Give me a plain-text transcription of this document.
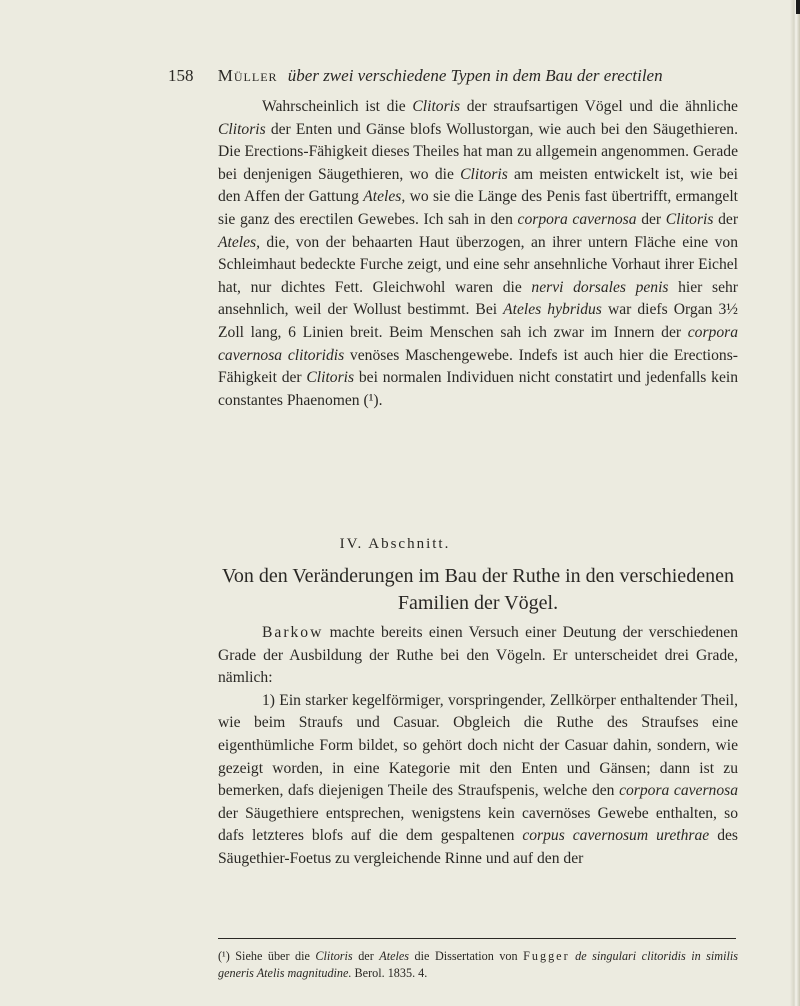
158 Müller über zwei verschiedene Typen in dem Bau der erectilen

Wahrscheinlich ist die Clitoris der straufsartigen Vögel und die ähnliche Clitoris der Enten und Gänse blofs Wollustorgan, wie auch bei den Säugethieren. Die Erections-Fähigkeit dieses Theiles hat man zu allgemein angenommen. Gerade bei denjenigen Säugethieren, wo die Clitoris am meisten entwickelt ist, wie bei den Affen der Gattung Ateles, wo sie die Länge des Penis fast übertrifft, ermangelt sie ganz des erectilen Gewebes. Ich sah in den corpora cavernosa der Clitoris der Ateles, die, von der behaarten Haut überzogen, an ihrer untern Fläche eine von Schleimhaut bedeckte Furche zeigt, und eine sehr ansehnliche Vorhaut ihrer Eichel hat, nur dichtes Fett. Gleichwohl waren die nervi dorsales penis hier sehr ansehnlich, weil der Wollust bestimmt. Bei Ateles hybridus war diefs Organ 3½ Zoll lang, 6 Linien breit. Beim Menschen sah ich zwar im Innern der corpora cavernosa clitoridis venöses Maschengewebe. Indefs ist auch hier die Erections-Fähigkeit der Clitoris bei normalen Individuen nicht constatirt und jedenfalls kein constantes Phaenomen (¹).

IV. Abschnitt.
Von den Veränderungen im Bau der Ruthe in den verschiedenen Familien der Vögel.

Barkow machte bereits einen Versuch einer Deutung der verschiedenen Grade der Ausbildung der Ruthe bei den Vögeln. Er unterscheidet drei Grade, nämlich:

1) Ein starker kegelförmiger, vorspringender, Zellkörper enthaltender Theil, wie beim Straufs und Casuar. Obgleich die Ruthe des Straufses eine eigenthümliche Form bildet, so gehört doch nicht der Casuar dahin, sondern, wie gezeigt worden, in eine Kategorie mit den Enten und Gänsen; dann ist zu bemerken, dafs diejenigen Theile des Straufspenis, welche den corpora cavernosa der Säugethiere entsprechen, wenigstens kein cavernöses Gewebe enthalten, so dafs letzteres blofs auf die dem gespaltenen corpus cavernosum urethrae des Säugethier-Foetus zu vergleichende Rinne und auf den der

(¹) Siehe über die Clitoris der Ateles die Dissertation von Fugger de singulari clitoridis in similis generis Atelis magnitudine. Berol. 1835. 4.
